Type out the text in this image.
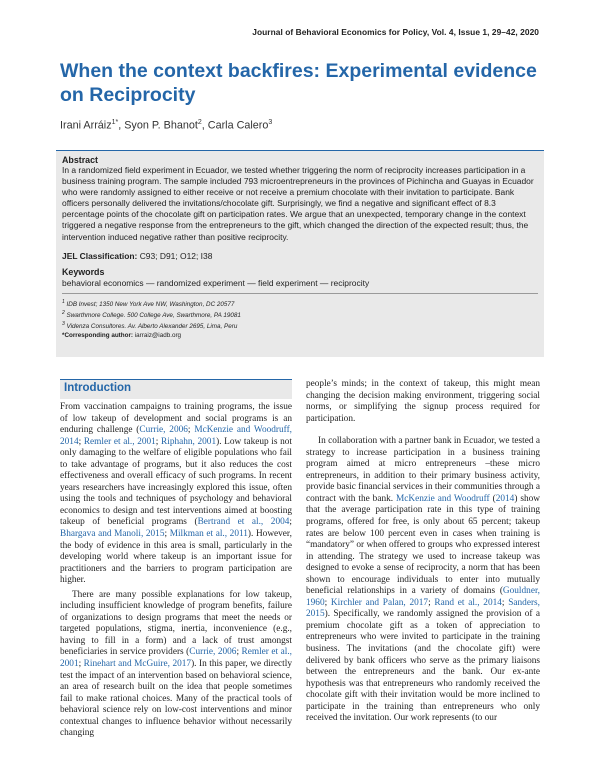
Journal of Behavioral Economics for Policy, Vol. 4, Issue 1, 29–42, 2020
When the context backfires: Experimental evidence on Reciprocity
Irani Arráiz$^{1*}$, Syon P. Bhanot$^2$, Carla Calero$^3$
Abstract

In a randomized field experiment in Ecuador, we tested whether triggering the norm of reciprocity increases participation in a business training program. The sample included 793 microentrepreneurs in the provinces of Pichincha and Guayas in Ecuador who were randomly assigned to either receive or not receive a premium chocolate with their invitation to participate. Bank officers personally delivered the invitations/chocolate gift. Surprisingly, we find a negative and significant effect of 8.3 percentage points of the chocolate gift on participation rates. We argue that an unexpected, temporary change in the context triggered a negative response from the entrepreneurs to the gift, which changed the direction of the expected result; thus, the intervention induced negative rather than positive reciprocity.

JEL Classification: C93; D91; O12; I38
Keywords
behavioral economics — randomized experiment — field experiment — reciprocity
$^1$ IDB Invest; 1350 New York Ave NW, Washington, DC 20577
$^2$ Swarthmore College. 500 College Ave, Swarthmore, PA 19081
$^3$ Videnza Consultores. Av. Alberto Alexander 2695, Lima, Peru
*Corresponding author: iarraiz@iadb.org
Introduction

From vaccination campaigns to training programs, the issue of low takeup of development and social programs is an enduring challenge (Currie, 2006; McKenzie and Woodruff, 2014; Remler et al., 2001; Riphahn, 2001). Low takeup is not only damaging to the welfare of eligible populations who fail to take advantage of programs, but it also reduces the cost effectiveness and overall efficacy of such programs. In recent years researchers have increasingly explored this issue, often using the tools and techniques of psychology and behavioral economics to design and test interventions aimed at boosting takeup of beneficial programs (Bertrand et al., 2004; Bhargava and Manoli, 2015; Milkman et al., 2011). However, the body of evidence in this area is small, particularly in the developing world where takeup is an important issue for practitioners and the barriers to program participation are higher.

There are many possible explanations for low takeup, including insufficient knowledge of program benefits, failure of organizations to design programs that meet the needs or targeted populations, stigma, inertia, inconvenience (e.g., having to fill in a form) and a lack of trust amongst beneficiaries in service providers (Currie, 2006; Remler et al., 2001; Rinehart and McGuire, 2017). In this paper, we directly test the impact of an intervention based on behavioral science, an area of research built on the idea that people sometimes fail to make rational choices. Many of the practical tools of behavioral science rely on low-cost interventions and minor contextual changes to influence behavior without necessarily changing

people’s minds; in the context of takeup, this might mean changing the decision making environment, triggering social norms, or simplifying the signup process required for participation.

In collaboration with a partner bank in Ecuador, we tested a strategy to increase participation in a business training program aimed at micro entrepreneurs –these micro entrepreneurs, in addition to their primary business activity, provide basic financial services in their communities through a contract with the bank. McKenzie and Woodruff (2014) show that the average participation rate in this type of training programs, offered for free, is only about 65 percent; takeup rates are below 100 percent even in cases when training is “mandatory” or when offered to groups who expressed interest in attending. The strategy we used to increase takeup was designed to evoke a sense of reciprocity, a norm that has been shown to encourage individuals to enter into mutually beneficial relationships in a variety of domains (Gouldner, 1960; Kirchler and Palan, 2017; Rand et al., 2014; Sanders, 2015). Specifically, we randomly assigned the provision of a premium chocolate gift as a token of appreciation to entrepreneurs who were invited to participate in the training business. The invitations (and the chocolate gift) were delivered by bank officers who serve as the primary liaisons between the entrepreneurs and the bank. Our ex-ante hypothesis was that entrepreneurs who randomly received the chocolate gift with their invitation would be more inclined to participate in the training than entrepreneurs who only received the invitation. Our work represents (to our
